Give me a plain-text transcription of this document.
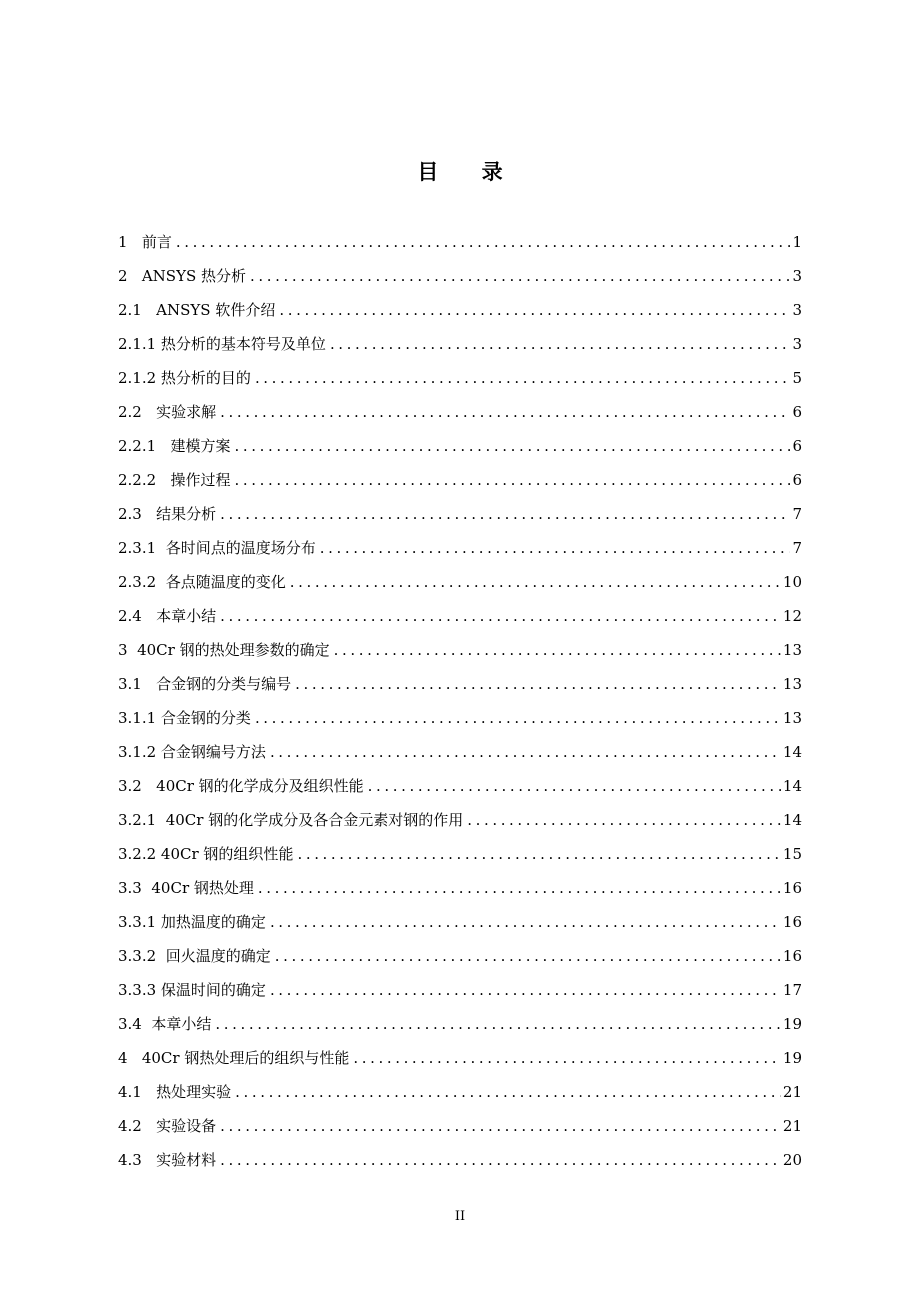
目 录
1   前言 .....	1
2   ANSYS 热分析 .....	3
2.1   ANSYS 软件介绍 .....	3
2.1.1 热分析的基本符号及单位 .....	3
2.1.2 热分析的目的 .....	5
2.2   实验求解 .....	6
2.2.1   建模方案 .....	6
2.2.2   操作过程 .....	6
2.3   结果分析 .....	7
2.3.1  各时间点的温度场分布 .....	7
2.3.2  各点随温度的变化 .....	10
2.4   本章小结 .....	12
3  40Cr 钢的热处理参数的确定 .....	13
3.1   合金钢的分类与编号 .....	13
3.1.1 合金钢的分类 .....	13
3.1.2 合金钢编号方法 .....	14
3.2   40Cr 钢的化学成分及组织性能 .....	14
3.2.1  40Cr 钢的化学成分及各合金元素对钢的作用 .....	14
3.2.2 40Cr 钢的组织性能 .....	15
3.3  40Cr 钢热处理 .....	16
3.3.1 加热温度的确定 .....	16
3.3.2  回火温度的确定 .....	16
3.3.3 保温时间的确定 .....	17
3.4  本章小结 .....	19
4   40Cr 钢热处理后的组织与性能 .....	19
4.1   热处理实验 .....	21
4.2   实验设备 .....	21
4.3   实验材料 .....	20
II
